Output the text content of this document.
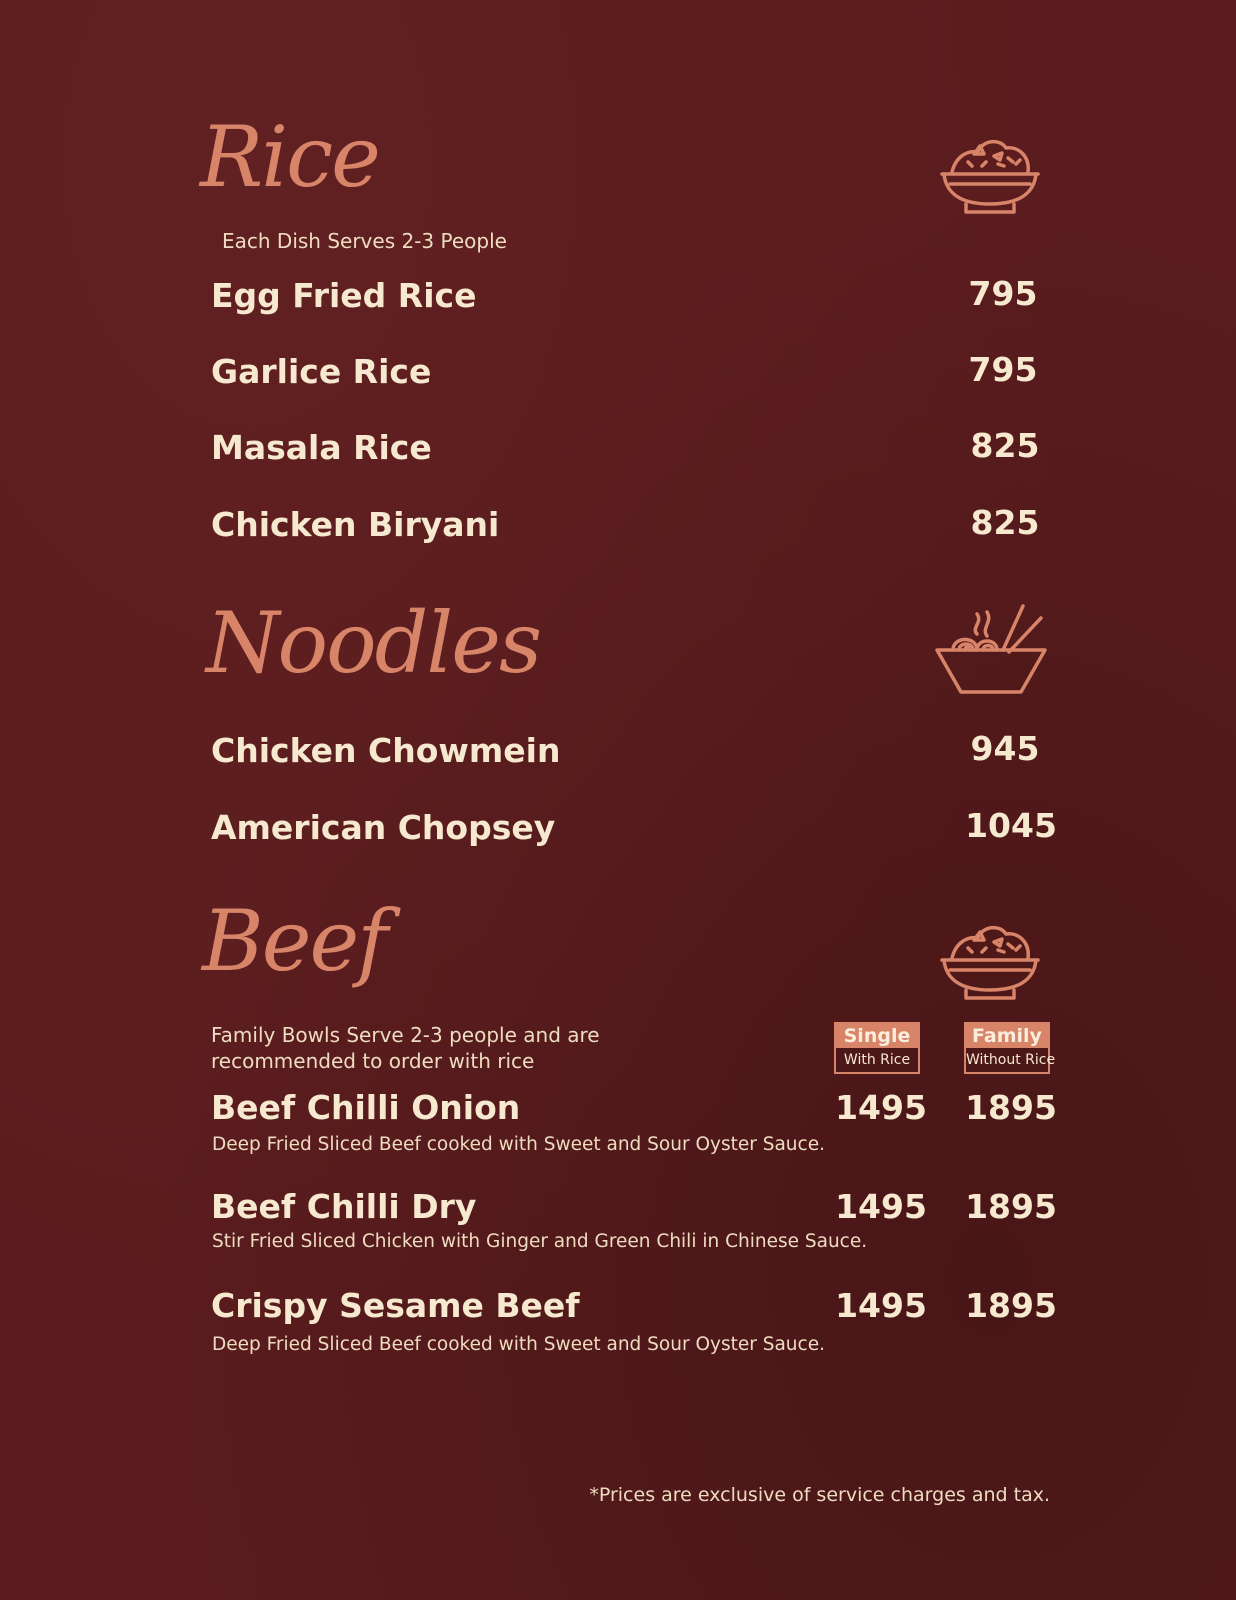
Rice
Each Dish Serves 2-3 People
Egg Fried Rice	795
Garlice Rice	795
Masala Rice	825
Chicken Biryani	825
Noodles
Chicken Chowmein	945
American Chopsey	1045
Beef
Family Bowls Serve 2-3 people and are
recommended to order with rice
Single
With Rice
Family
Without Rice
Beef Chilli Onion	1495 1895
Deep Fried Sliced Beef cooked with Sweet and Sour Oyster Sauce.
Beef Chilli Dry	1495 1895
Stir Fried Sliced Chicken with Ginger and Green Chili in Chinese Sauce.
Crispy Sesame Beef	1495 1895
Deep Fried Sliced Beef cooked with Sweet and Sour Oyster Sauce.
*Prices are exclusive of service charges and tax.
